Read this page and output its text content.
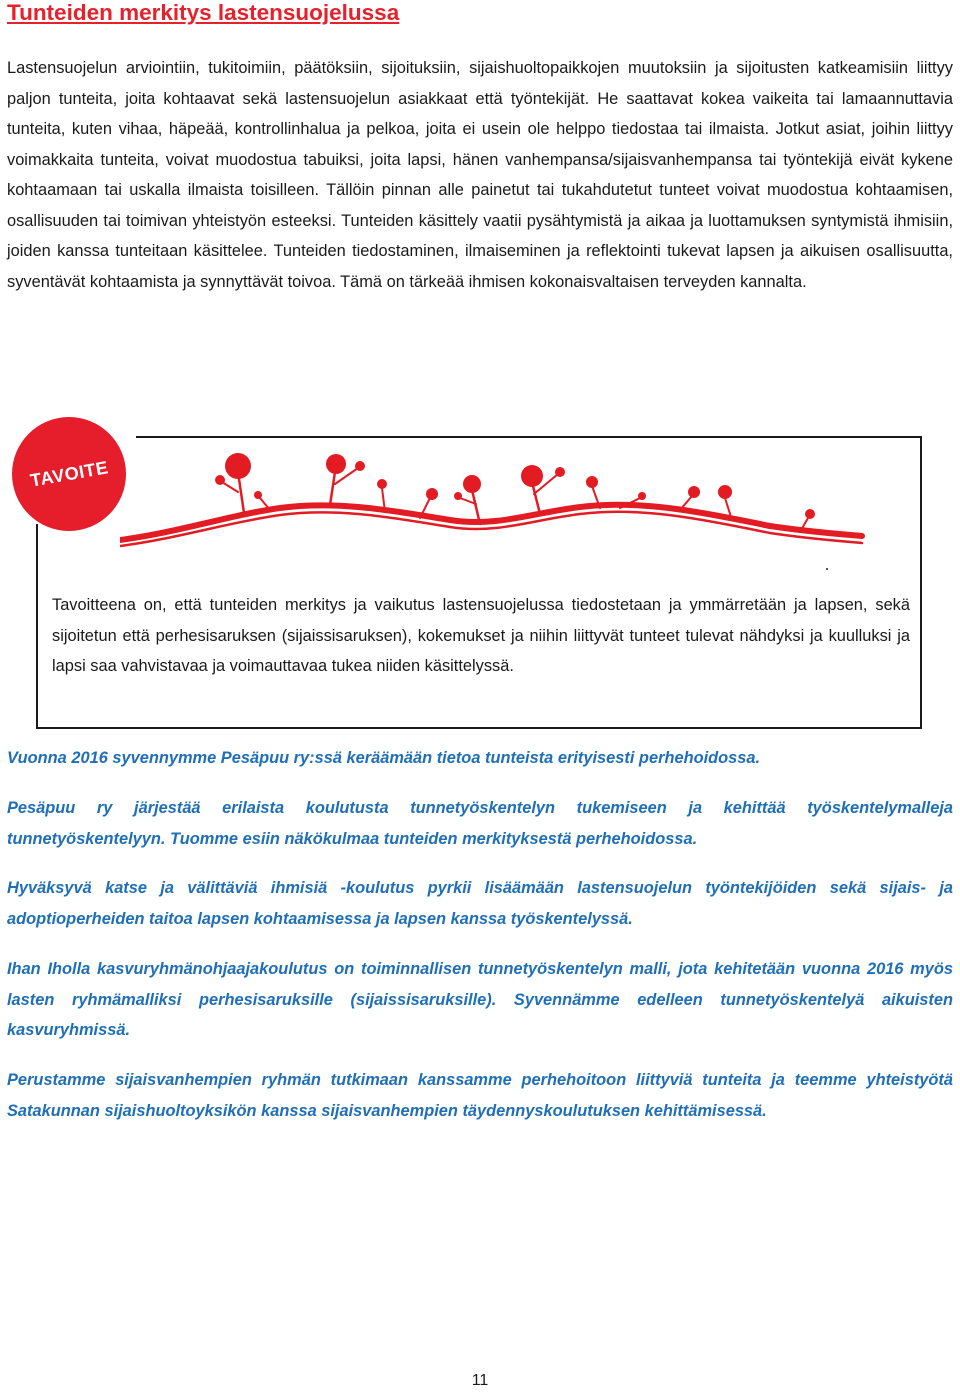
Tunteiden merkitys lastensuojelussa

Lastensuojelun arviointiin, tukitoimiin, päätöksiin, sijoituksiin, sijaishuoltopaikkojen muutoksiin ja sijoitusten katkeamisiin liittyy paljon tunteita, joita kohtaavat sekä lastensuojelun asiakkaat että työntekijät. He saattavat kokea vaikeita tai lamaannuttavia tunteita, kuten vihaa, häpeää, kontrollinhalua ja pelkoa, joita ei usein ole helppo tiedostaa tai ilmaista. Jotkut asiat, joihin liittyy voimakkaita tunteita, voivat muodostua tabuiksi, joita lapsi, hänen vanhempansa/sijaisvanhempansa tai työntekijä eivät kykene kohtaamaan tai uskalla ilmaista toisilleen. Tällöin pinnan alle painetut tai tukahdutetut tunteet voivat muodostua kohtaamisen, osallisuuden tai toimivan yhteistyön esteeksi. Tunteiden käsittely vaatii pysähtymistä ja aikaa ja luottamuksen syntymistä ihmisiin, joiden kanssa tunteitaan käsittelee. Tunteiden tiedostaminen, ilmaiseminen ja reflektointi tukevat lapsen ja aikuisen osallisuutta, syventävät kohtaamista ja synnyttävät toivoa. Tämä on tärkeää ihmisen kokonaisvaltaisen terveyden kannalta.

TAVOITE

Tavoitteena on, että tunteiden merkitys ja vaikutus lastensuojelussa tiedostetaan ja ymmärretään ja lapsen, sekä sijoitetun että perhesisaruksen (sijaissisaruksen), kokemukset ja niihin liittyvät tunteet tulevat nähdyksi ja kuulluksi ja lapsi saa vahvistavaa ja voimauttavaa tukea niiden käsittelyssä.

Vuonna 2016 syvennymme Pesäpuu ry:ssä keräämään tietoa tunteista erityisesti perhehoidossa.

Pesäpuu ry järjestää erilaista koulutusta tunnetyöskentelyn tukemiseen ja kehittää työskentelymalleja tunnetyöskentelyyn. Tuomme esiin näkökulmaa tunteiden merkityksestä perhehoidossa.

Hyväksyvä katse ja välittäviä ihmisiä -koulutus pyrkii lisäämään lastensuojelun työntekijöiden sekä sijais- ja adoptioperheiden taitoa lapsen kohtaamisessa ja lapsen kanssa työskentelyssä.

Ihan Iholla kasvuryhmänohjaajakoulutus on toiminnallisen tunnetyöskentelyn malli, jota kehitetään vuonna 2016 myös lasten ryhmämalliksi perhesisaruksille (sijaissisaruksille). Syvennämme edelleen tunnetyöskentelyä aikuisten kasvuryhmissä.

Perustamme sijaisvanhempien ryhmän tutkimaan kanssamme perhehoitoon liittyviä tunteita ja teemme yhteistyötä Satakunnan sijaishuoltoyksikön kanssa sijaisvanhempien täydennyskoulutuksen kehittämisessä.

11
